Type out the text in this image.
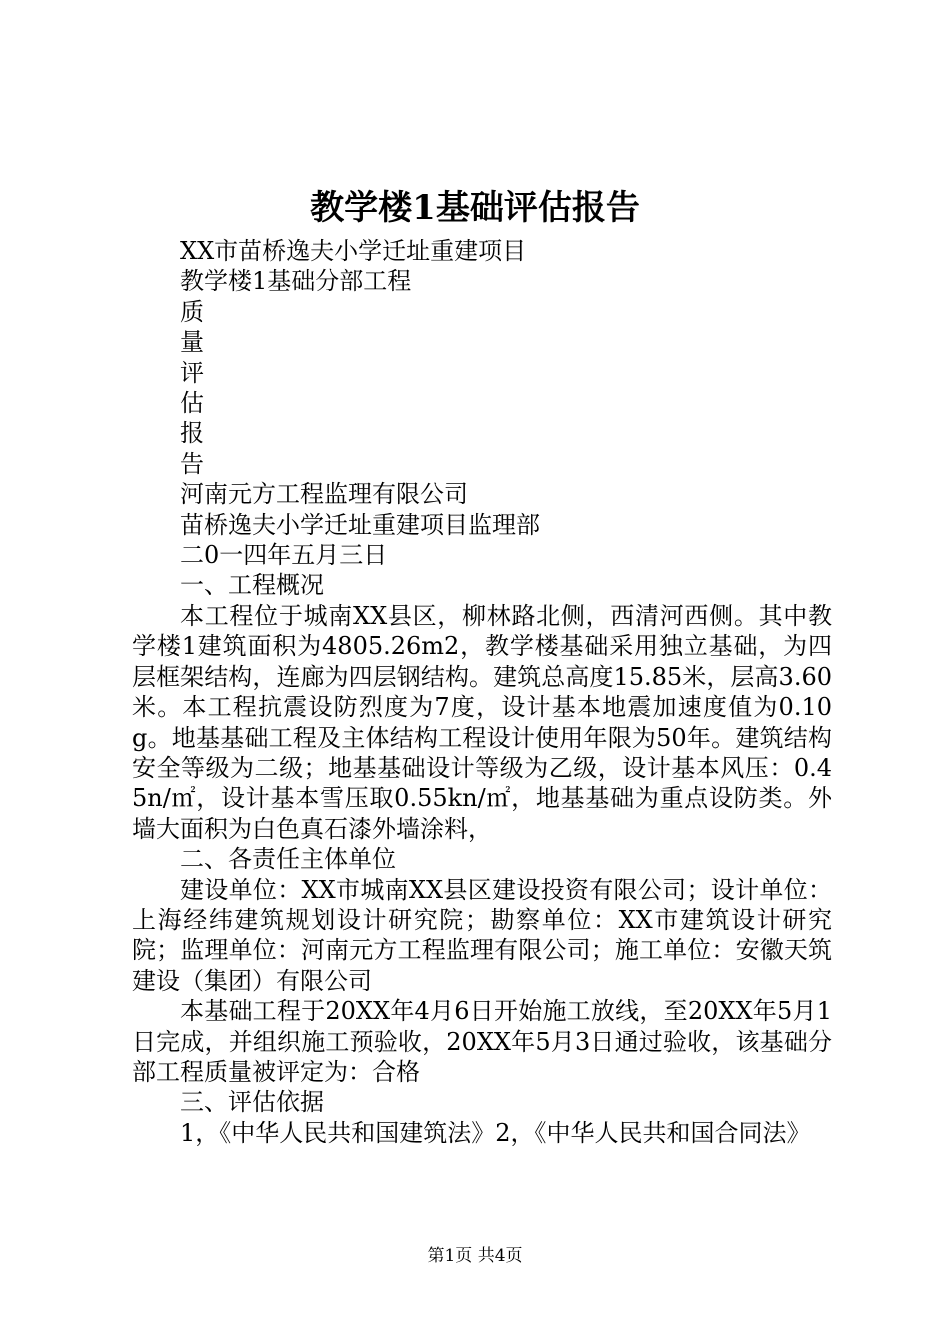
教学楼1基础评估报告
XX市苗桥逸夫小学迁址重建项目
教学楼1基础分部工程
质
量
评
估
报
告
河南元方工程监理有限公司
苗桥逸夫小学迁址重建项目监理部
二0一四年五月三日
一、工程概况
本工程位于城南XX县区，柳林路北侧，西清河西侧。其中教学楼1建筑面积为4805.26m2，教学楼基础采用独立基础，为四层框架结构，连廊为四层钢结构。建筑总高度15.85米，层高3.60米。本工程抗震设防烈度为7度，设计基本地震加速度值为0.10g。地基基础工程及主体结构工程设计使用年限为50年。建筑结构安全等级为二级；地基基础设计等级为乙级，设计基本风压：0.45n/㎡，设计基本雪压取0.55kn/㎡，地基基础为重点设防类。外墙大面积为白色真石漆外墙涂料，
二、各责任主体单位
建设单位：XX市城南XX县区建设投资有限公司；设计单位：上海经纬建筑规划设计研究院；勘察单位：XX市建筑设计研究院；监理单位：河南元方工程监理有限公司；施工单位：安徽天筑建设（集团）有限公司
本基础工程于20XX年4月6日开始施工放线，至20XX年5月1日完成，并组织施工预验收，20XX年5月3日通过验收，该基础分部工程质量被评定为：合格
三、评估依据
1，《中华人民共和国建筑法》2，《中华人民共和国合同法》
第1页 共4页
